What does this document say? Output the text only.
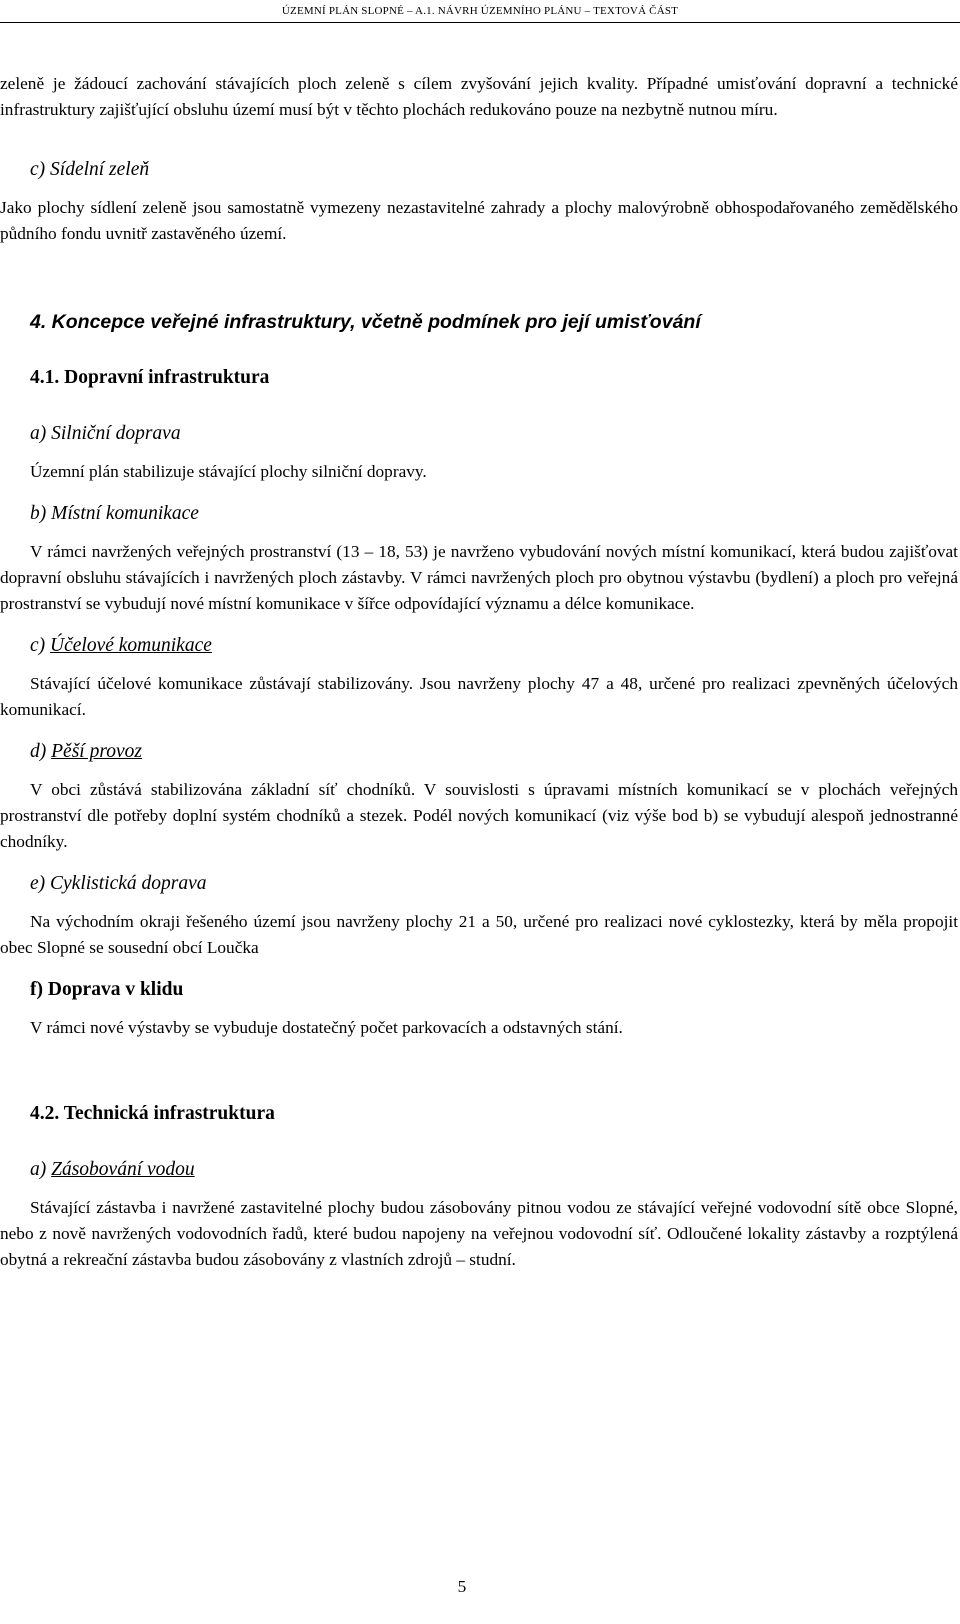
ÚZEMNÍ PLÁN SLOPNÉ – A.1. NÁVRH ÚZEMNÍHO PLÁNU – TEXTOVÁ ČÁST

zeleně je žádoucí zachování stávajících ploch zeleně s cílem zvyšování jejich kvality. Případné umisťování dopravní a technické infrastruktury zajišťující obsluhu území musí být v těchto plochách redukováno pouze na nezbytně nutnou míru.

c) Sídelní zeleň

Jako plochy sídlení zeleně jsou samostatně vymezeny nezastavitelné zahrady a plochy malovýrobně obhospodařovaného zemědělského půdního fondu uvnitř zastavěného území.

4. Koncepce veřejné infrastruktury, včetně podmínek pro její umisťování
4.1. Dopravní infrastruktura
a) Silniční doprava

Územní plán stabilizuje stávající plochy silniční dopravy.

b) Místní komunikace

V rámci navržených veřejných prostranství (13 – 18, 53) je navrženo vybudování nových místní komunikací, která budou zajišťovat dopravní obsluhu stávajících i navržených ploch zástavby. V rámci navržených ploch pro obytnou výstavbu (bydlení) a ploch pro veřejná prostranství se vybudují nové místní komunikace v šířce odpovídající významu a délce komunikace.

c) Účelové komunikace

Stávající účelové komunikace zůstávají stabilizovány. Jsou navrženy plochy 47 a 48, určené pro realizaci zpevněných účelových komunikací.

d) Pěší provoz

V obci zůstává stabilizována základní síť chodníků. V souvislosti s úpravami místních komunikací se v plochách veřejných prostranství dle potřeby doplní systém chodníků a stezek. Podél nových komunikací (viz výše bod b) se vybudují alespoň jednostranné chodníky.

e) Cyklistická doprava

Na východním okraji řešeného území jsou navrženy plochy 21 a 50, určené pro realizaci nové cyklostezky, která by měla propojit obec Slopné se sousední obcí Loučka

f) Doprava v klidu

V rámci nové výstavby se vybuduje dostatečný počet parkovacích a odstavných stání.

4.2. Technická infrastruktura
a) Zásobování vodou

Stávající zástavba i navržené zastavitelné plochy budou zásobovány pitnou vodou ze stávající veřejné vodovodní sítě obce Slopné, nebo z nově navržených vodovodních řadů, které budou napojeny na veřejnou vodovodní síť. Odloučené lokality zástavby a rozptýlená obytná a rekreační zástavba budou zásobovány z vlastních zdrojů – studní.

5
